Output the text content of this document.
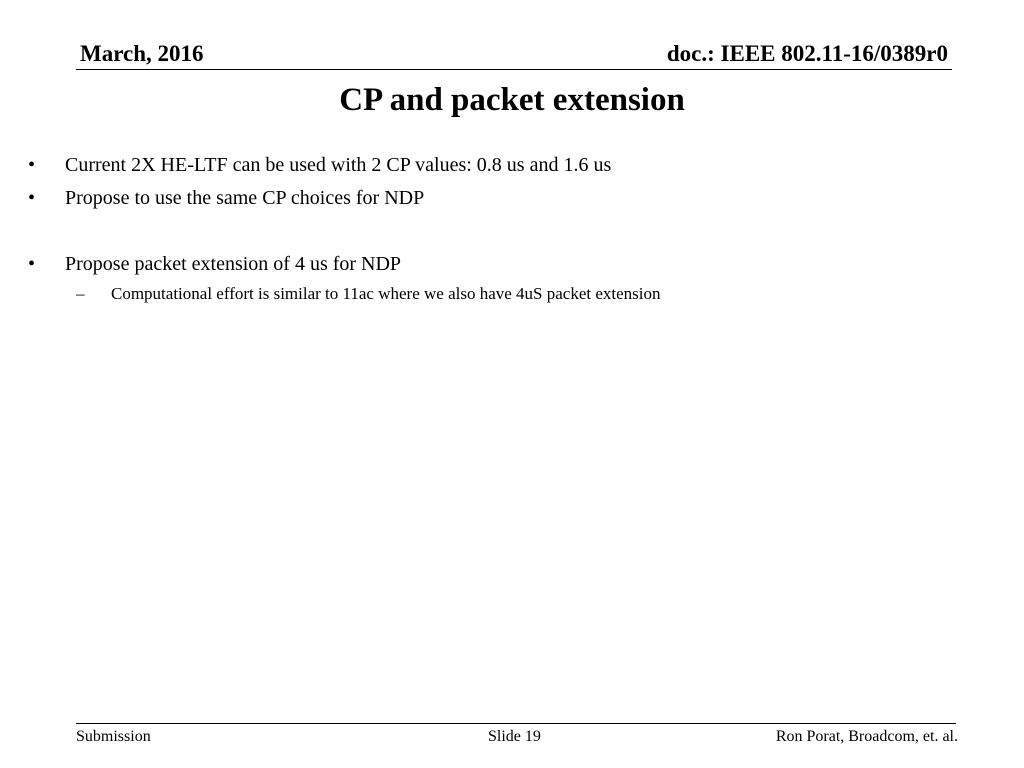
March, 2016	doc.: IEEE 802.11-16/0389r0
CP and packet extension
• Current 2X HE-LTF can be used with 2 CP values: 0.8 us and 1.6 us
• Propose to use the same CP choices for NDP
• Propose packet extension of 4 us for NDP
– Computational effort is similar to 11ac where we also have 4uS packet extension
Submission	Slide 19	Ron Porat, Broadcom, et. al.
